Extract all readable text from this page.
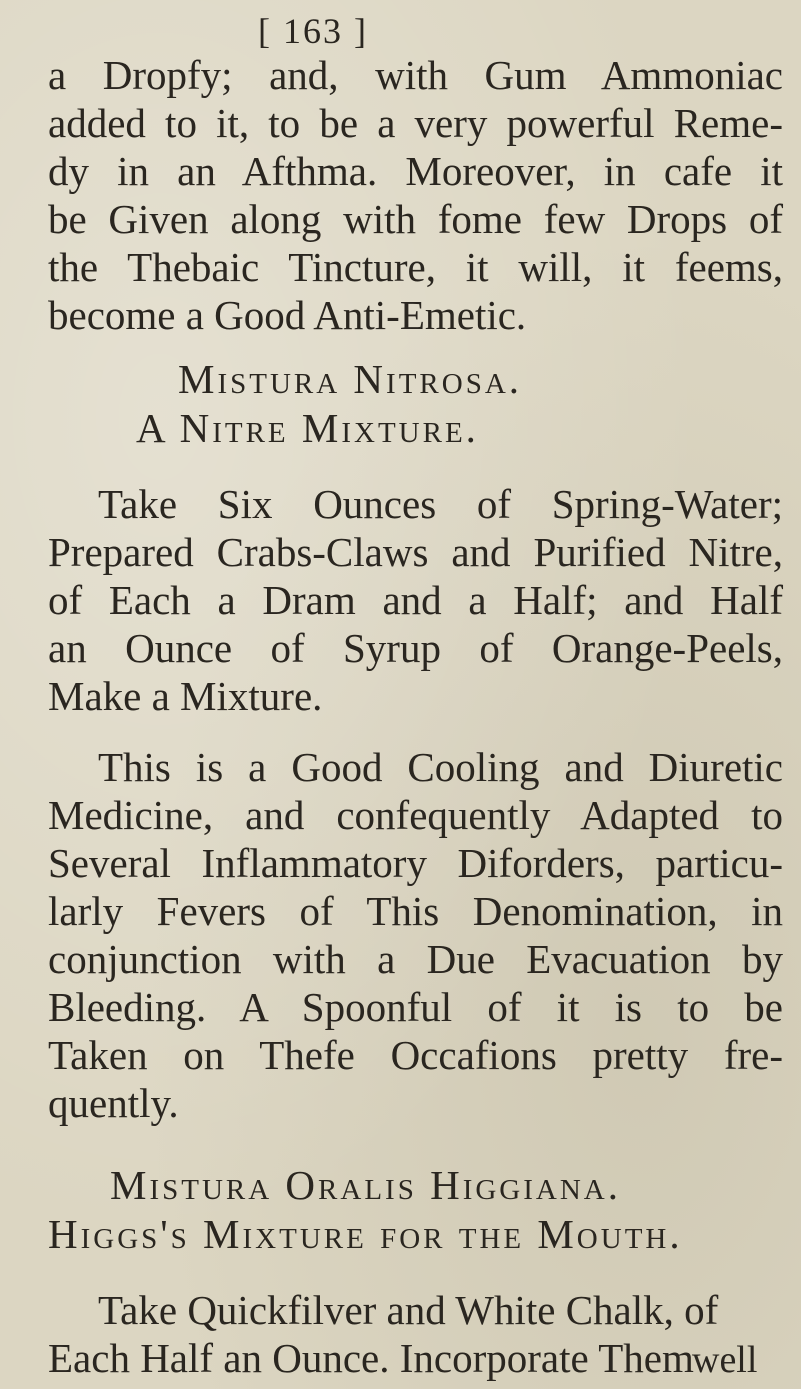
[ 163 ]
a Dropfy; and, with Gum Ammoniac
added to it, to be a very powerful Reme-
dy in an Afthma. Moreover, in cafe it
be Given along with fome few Drops of
the Thebaic Tincture, it will, it feems,
become a Good Anti-Emetic.
Mistura Nitrosa.
A Nitre Mixture.
Take Six Ounces of Spring-Water;
Prepared Crabs-Claws and Purified Nitre,
of Each a Dram and a Half; and Half
an Ounce of Syrup of Orange-Peels,
Make a Mixture.
This is a Good Cooling and Diuretic
Medicine, and confequently Adapted to
Several Inflammatory Diforders, particu-
larly Fevers of This Denomination, in
conjunction with a Due Evacuation by
Bleeding. A Spoonful of it is to be
Taken on Thefe Occafions pretty fre-
quently.
Mistura Oralis Higgiana.
Higgs's Mixture for the Mouth.
Take Quickfilver and White Chalk, of
Each Half an Ounce. Incorporate Them
well
